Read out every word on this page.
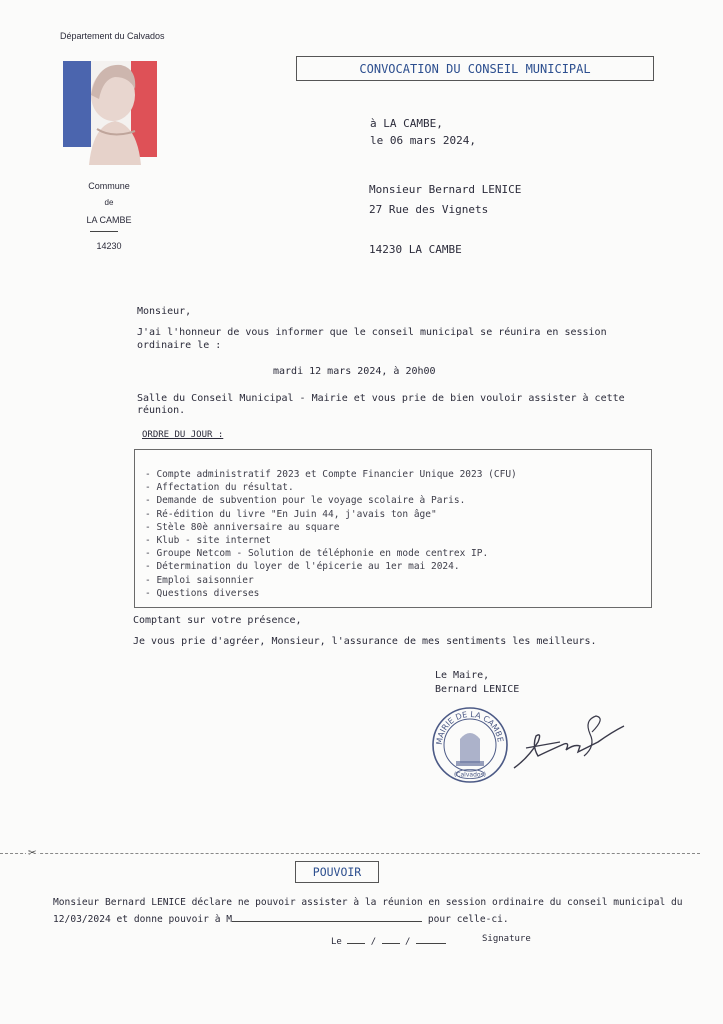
Département du Calvados
Commune
de
LA CAMBE
14230
CONVOCATION DU CONSEIL MUNICIPAL
à LA CAMBE,
le 06 mars 2024,
Monsieur Bernard LENICE
27 Rue des Vignets
14230 LA CAMBE
Monsieur,
J'ai l'honneur de vous informer que le conseil municipal se réunira en session
ordinaire le :
mardi 12 mars 2024, à 20h00
Salle du Conseil Municipal - Mairie et vous prie de bien vouloir assister à cette
réunion.
ORDRE DU JOUR :
- Compte administratif 2023 et Compte Financier Unique 2023 (CFU)
- Affectation du résultat.
- Demande de subvention pour le voyage scolaire à Paris.
- Ré-édition du livre "En Juin 44, j'avais ton âge"
- Stèle 80è anniversaire au square
- Klub - site internet
- Groupe Netcom - Solution de téléphonie en mode centrex IP.
- Détermination du loyer de l'épicerie au 1er mai 2024.
- Emploi saisonnier
- Questions diverses
Comptant sur votre présence,
Je vous prie d'agréer, Monsieur, l'assurance de mes sentiments les meilleurs.
Le Maire,
Bernard LENICE
MAIRIE DE LA CAMBE
(Calvados)
✂
POUVOIR
Monsieur Bernard LENICE déclare ne pouvoir assister à la réunion en session ordinaire du conseil municipal du
12/03/2024 et donne pouvoir à M	pour celle-ci.
Le	/	/	Signature
